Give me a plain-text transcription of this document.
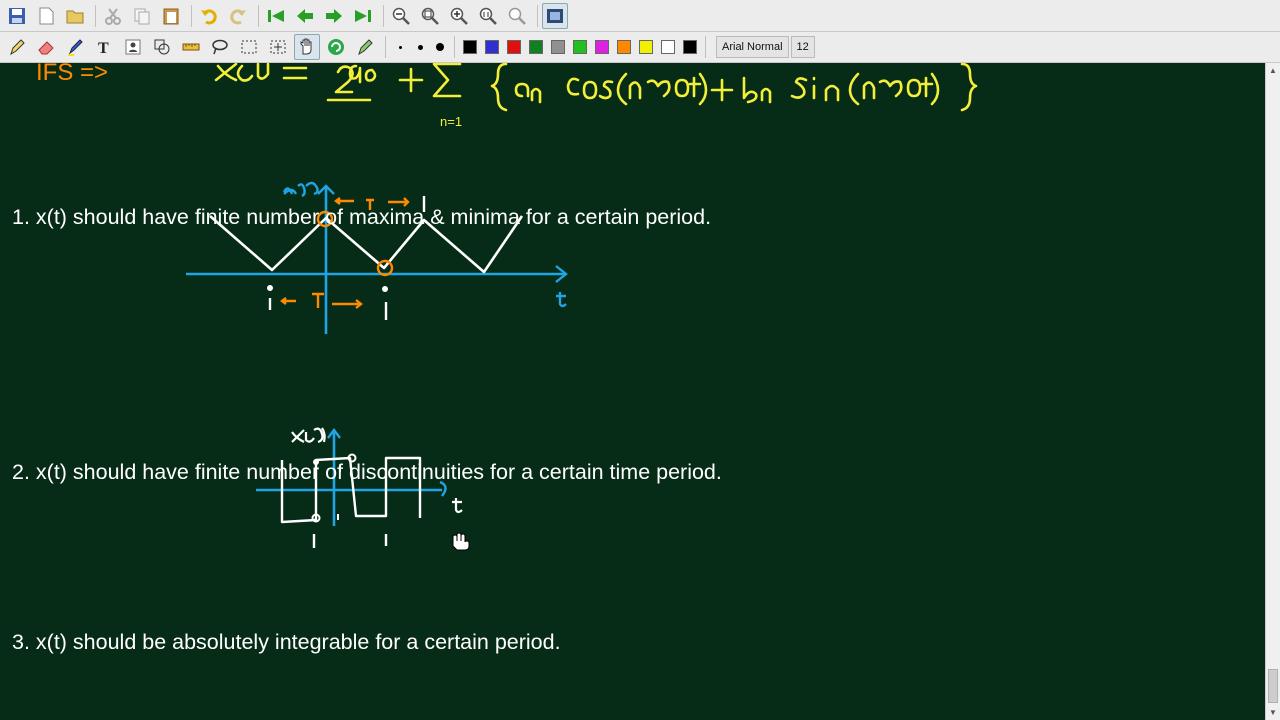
T	Arial Normal	12
IFS =>
n=1
1. x(t) should have finite number of maxima & minima for a certain period.
2. x(t) should have finite number of discontinuities for a certain time period.
3. x(t) should be absolutely integrable for a certain period.
▲
▼
